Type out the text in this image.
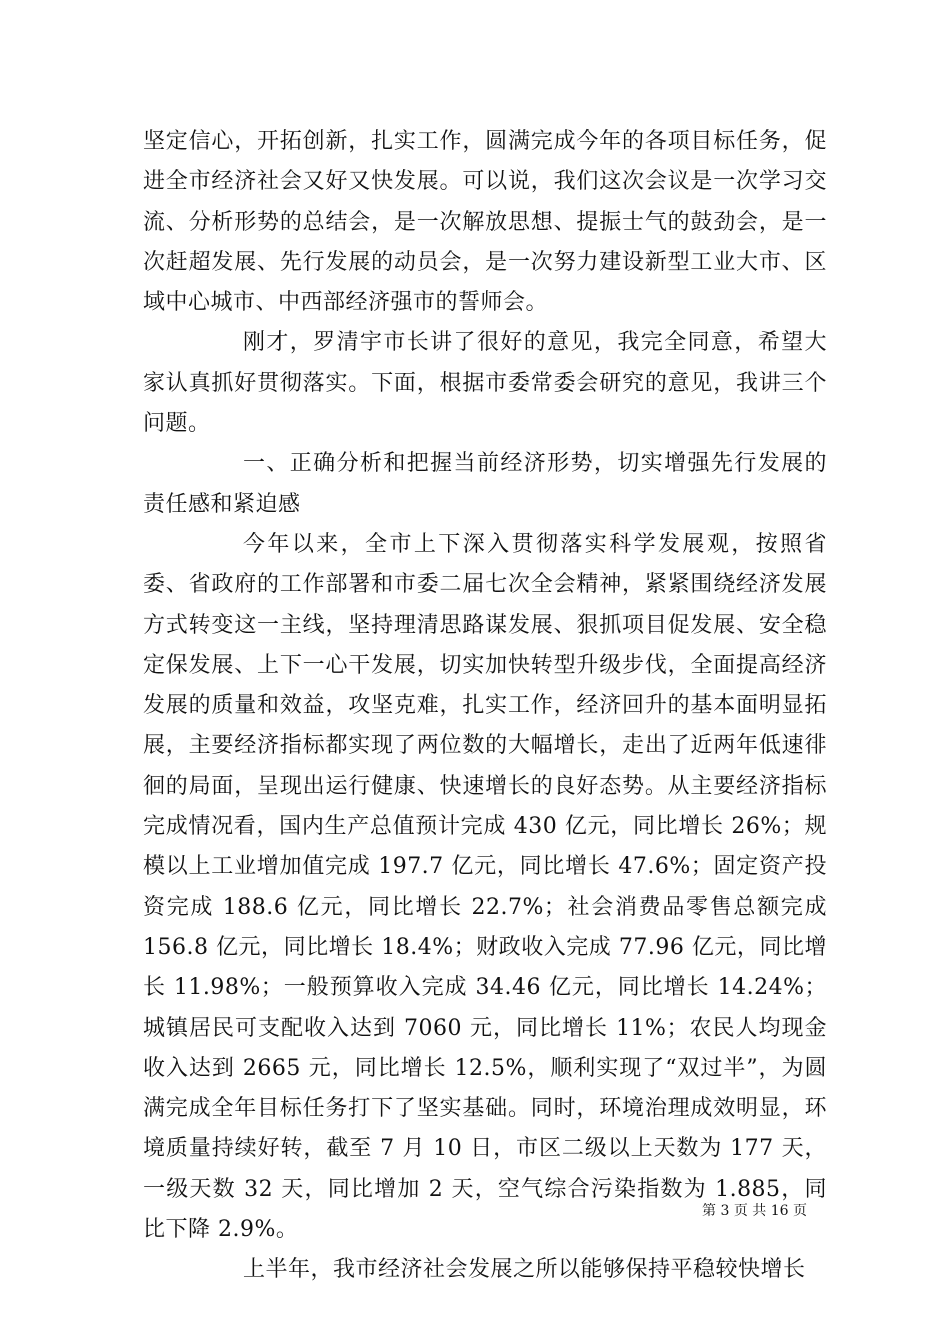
坚定信心，开拓创新，扎实工作，圆满完成今年的各项目标任务，促进全市经济社会又好又快发展。可以说，我们这次会议是一次学习交流、分析形势的总结会，是一次解放思想、提振士气的鼓劲会，是一次赶超发展、先行发展的动员会，是一次努力建设新型工业大市、区域中心城市、中西部经济强市的誓师会。

刚才，罗清宇市长讲了很好的意见，我完全同意，希望大家认真抓好贯彻落实。下面，根据市委常委会研究的意见，我讲三个问题。

一、正确分析和把握当前经济形势，切实增强先行发展的责任感和紧迫感

今年以来，全市上下深入贯彻落实科学发展观，按照省委、省政府的工作部署和市委二届七次全会精神，紧紧围绕经济发展方式转变这一主线，坚持理清思路谋发展、狠抓项目促发展、安全稳定保发展、上下一心干发展，切实加快转型升级步伐，全面提高经济发展的质量和效益，攻坚克难，扎实工作，经济回升的基本面明显拓展，主要经济指标都实现了两位数的大幅增长，走出了近两年低速徘徊的局面，呈现出运行健康、快速增长的良好态势。从主要经济指标完成情况看，国内生产总值预计完成 430 亿元，同比增长 26%；规模以上工业增加值完成 197.7 亿元，同比增长 47.6%；固定资产投资完成 188.6 亿元，同比增长 22.7%；社会消费品零售总额完成 156.8 亿元，同比增长 18.4%；财政收入完成 77.96 亿元，同比增长 11.98%；一般预算收入完成 34.46 亿元，同比增长 14.24%；城镇居民可支配收入达到 7060 元，同比增长 11%；农民人均现金收入达到 2665 元，同比增长 12.5%，顺利实现了“双过半”，为圆满完成全年目标任务打下了坚实基础。同时，环境治理成效明显，环境质量持续好转，截至 7 月 10 日，市区二级以上天数为 177 天，一级天数 32 天，同比增加 2 天，空气综合污染指数为 1.885，同比下降 2.9%。

上半年，我市经济社会发展之所以能够保持平稳较快增长

第 3 页 共 16 页
